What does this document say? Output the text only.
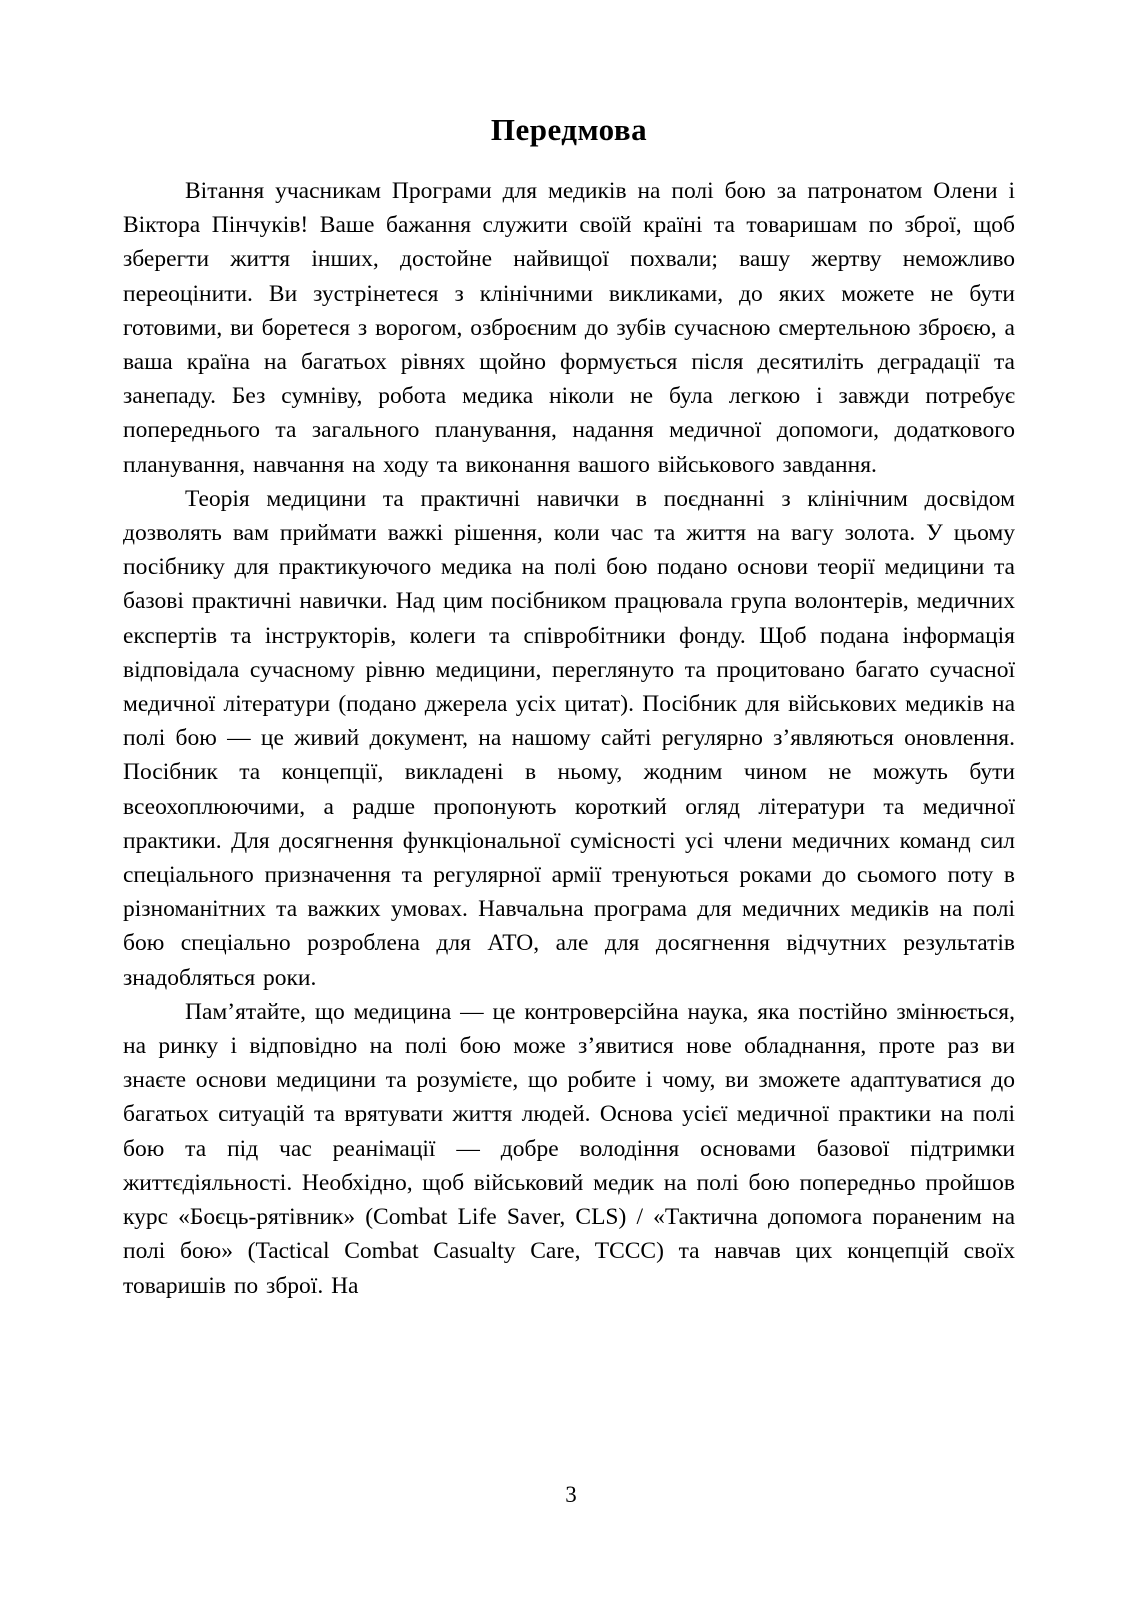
Передмова

Вітання учасникам Програми для медиків на полі бою за патронатом Олени і Віктора Пінчуків! Ваше бажання служити своїй країні та товаришам по зброї, щоб зберегти життя інших, достойне найвищої похвали; вашу жертву неможливо переоцінити. Ви зустрінетеся з клінічними викликами, до яких можете не бути готовими, ви боретеся з ворогом, озброєним до зубів сучасною смертельною зброєю, а ваша країна на багатьох рівнях щойно формується після десятиліть деградації та занепаду. Без сумніву, робота медика ніколи не була легкою і завжди потребує попереднього та загального планування, надання медичної допомоги, додаткового планування, навчання на ходу та виконання вашого військового завдання.

Теорія медицини та практичні навички в поєднанні з клінічним досвідом дозволять вам приймати важкі рішення, коли час та життя на вагу золота. У цьому посібнику для практикуючого медика на полі бою подано основи теорії медицини та базові практичні навички. Над цим посібником працювала група волонтерів, медичних експертів та інструкторів, колеги та співробітники фонду. Щоб подана інформація відповідала сучасному рівню медицини, переглянуто та процитовано багато сучасної медичної літератури (подано джерела усіх цитат). Посібник для військових медиків на полі бою — це живий документ, на нашому сайті регулярно з’являються оновлення. Посібник та концепції, викладені в ньому, жодним чином не можуть бути всеохоплюючими, а радше пропонують короткий огляд літератури та медичної практики. Для досягнення функціональної сумісності усі члени медичних команд сил спеціального призначення та регулярної армії тренуються роками до сьомого поту в різноманітних та важких умовах. Навчальна програма для медичних медиків на полі бою спеціально розроблена для АТО, але для досягнення відчутних результатів знадобляться роки.

Пам’ятайте, що медицина — це контроверсійна наука, яка постійно змінюється, на ринку і відповідно на полі бою може з’явитися нове обладнання, проте раз ви знаєте основи медицини та розумієте, що робите і чому, ви зможете адаптуватися до багатьох ситуацій та врятувати життя людей. Основа усієї медичної практики на полі бою та під час реанімації — добре володіння основами базової підтримки життєдіяльності. Необхідно, щоб військовий медик на полі бою попередньо пройшов курс «Боєць-рятівник» (Combat Life Saver, CLS) / «Тактична допомога пораненим на полі бою» (Tactical Combat Casualty Care, TCCC) та навчав цих концепцій своїх товаришів по зброї. На

3
